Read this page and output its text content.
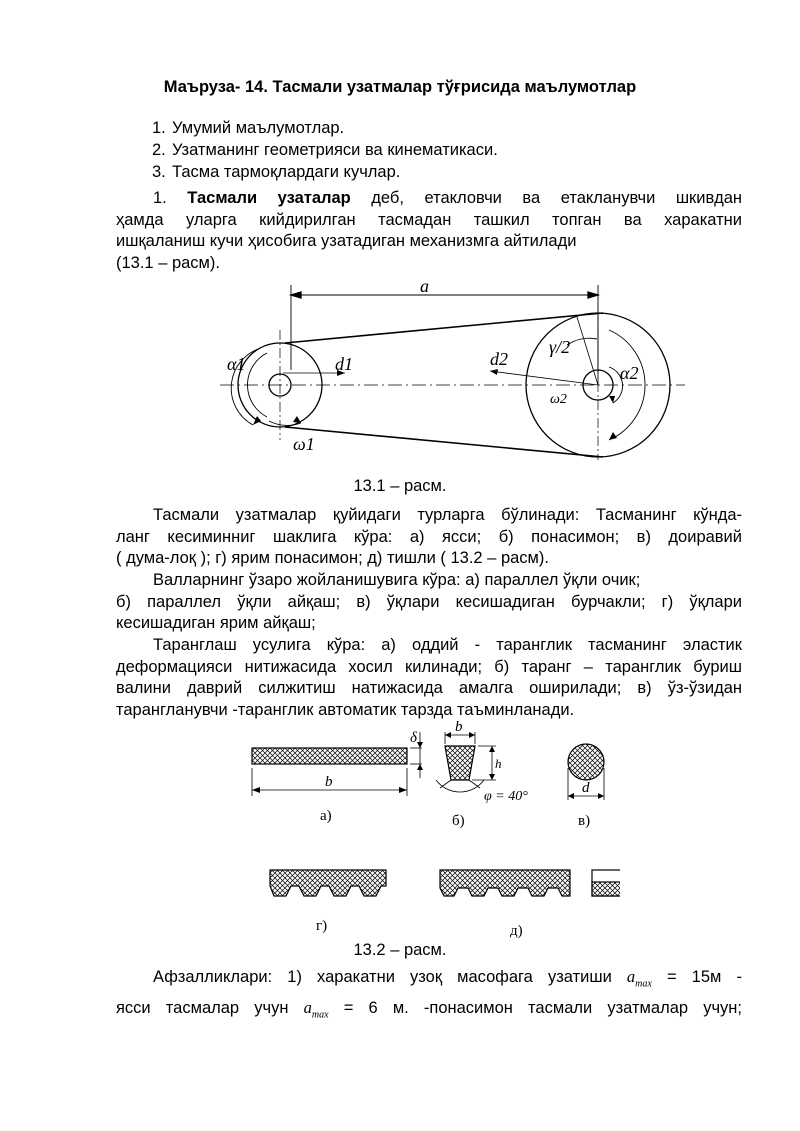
Маъруза- 14. Тасмали узатмалар тўғрисида маълумотлар
1. Умумий маълумотлар.
2. Узатманинг геометрияси ва кинематикаси.
3. Тасма тармоқлардаги кучлар.
1. Тасмали узаталар деб, етакловчи ва етакланувчи шкивдан
ҳамда уларга кийдирилган тасмадан ташкил топган ва харакатни
ишқаланиш кучи ҳисобига узатадиган механизмга айтилади
(13.1 – расм).
a
α1	d1	d2
α2
ω1
ω2
γ/2
13.1 – расм.
Тасмали узатмалар қуйидаги турларга бўлинади: Тасманинг кўнда-
ланг кесиминниг шаклига кўра: а) ясси; б) понасимон; в) доиравий
( дума-лоқ ); г) ярим понасимон; д) тишли ( 13.2 – расм).
Валларнинг ўзаро жойланишувига кўра: а) параллел ўқли очик;
б) параллел ўқли айқаш; в) ўқлари кесишадиган бурчакли; г) ўқлари
кесишадиган ярим айқаш;
Таранглаш усулига кўра: а) оддий - таранглик тасманинг эластик
деформацияси нитижасида хосил килинади; б) таранг – таранглик буриш
валини даврий силжитиш натижасида амалга оширилади; в) ўз-ўзидан
тарангланувчи -таранглик автоматик тарзда таъминланади.
b
δ
b
h
φ = 40°
d
а)	б)	в)
г)	д)
13.2 – расм.
Афзалликлари: 1) харакатни узоқ масофага узатиши $a_{max} = 15м$ -
ясси тасмалар учун $a_{max} = 6$ м. -понасимон тасмали узатмалар учун;
